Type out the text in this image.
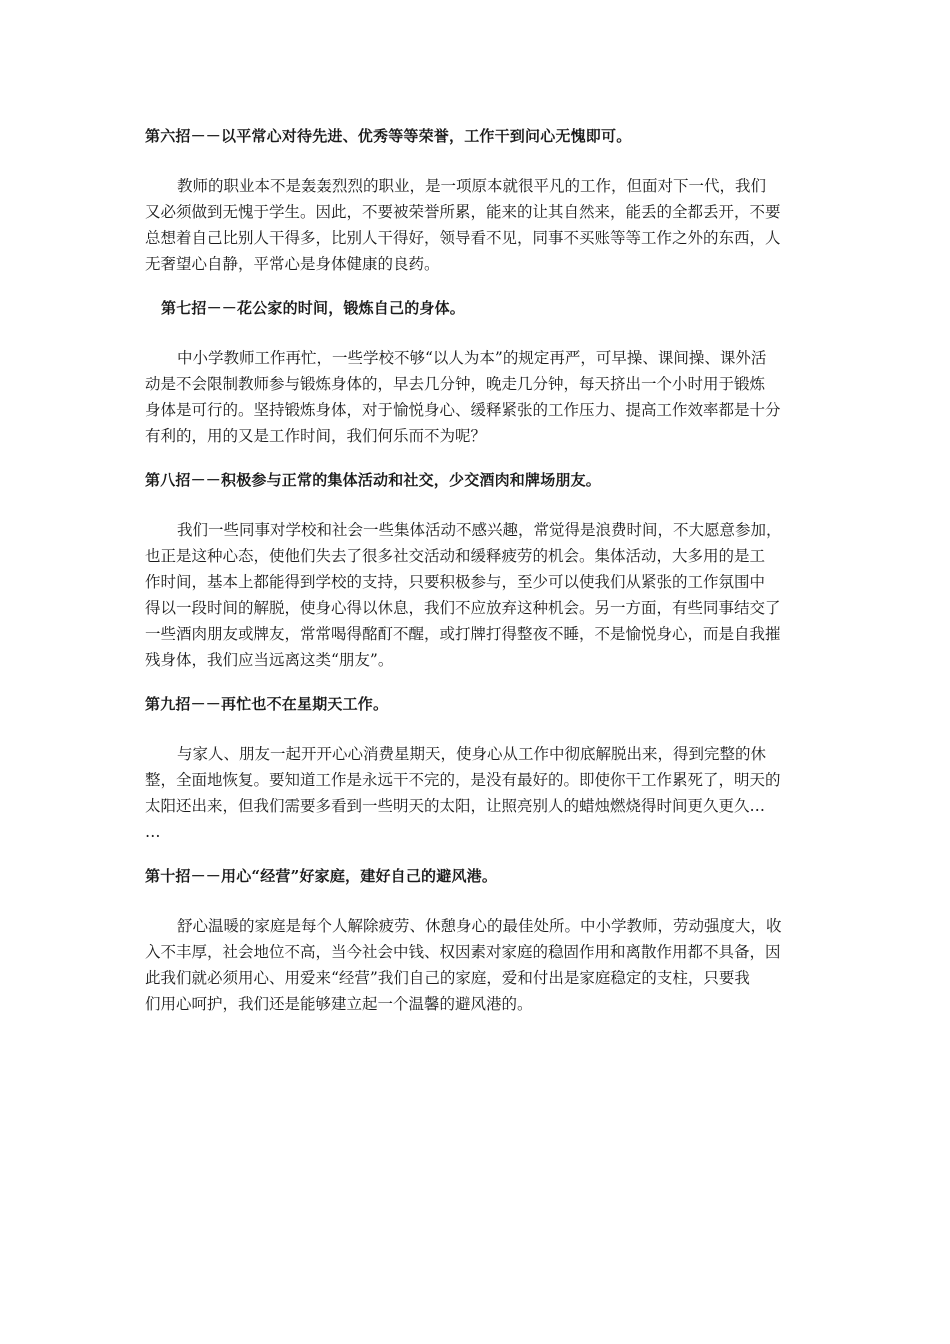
第六招－－以平常心对待先进、优秀等等荣誉，工作干到问心无愧即可。
教师的职业本不是轰轰烈烈的职业，是一项原本就很平凡的工作，但面对下一代，我们
又必须做到无愧于学生。因此，不要被荣誉所累，能来的让其自然来，能丢的全都丢开，不要
总想着自己比别人干得多，比别人干得好，领导看不见，同事不买账等等工作之外的东西，人
无奢望心自静，平常心是身体健康的良药。
第七招－－花公家的时间，锻炼自己的身体。
中小学教师工作再忙，一些学校不够“以人为本”的规定再严，可早操、课间操、课外活
动是不会限制教师参与锻炼身体的，早去几分钟，晚走几分钟，每天挤出一个小时用于锻炼
身体是可行的。坚持锻炼身体，对于愉悦身心、缓释紧张的工作压力、提高工作效率都是十分
有利的，用的又是工作时间，我们何乐而不为呢？
第八招－－积极参与正常的集体活动和社交，少交酒肉和牌场朋友。
我们一些同事对学校和社会一些集体活动不感兴趣，常觉得是浪费时间，不大愿意参加，
也正是这种心态，使他们失去了很多社交活动和缓释疲劳的机会。集体活动，大多用的是工
作时间，基本上都能得到学校的支持，只要积极参与，至少可以使我们从紧张的工作氛围中
得以一段时间的解脱，使身心得以休息，我们不应放弃这种机会。另一方面，有些同事结交了
一些酒肉朋友或牌友，常常喝得酩酊不醒，或打牌打得整夜不睡，不是愉悦身心，而是自我摧
残身体，我们应当远离这类“朋友”。
第九招－－再忙也不在星期天工作。
与家人、朋友一起开开心心消费星期天，使身心从工作中彻底解脱出来，得到完整的休
整，全面地恢复。要知道工作是永远干不完的，是没有最好的。即使你干工作累死了，明天的
太阳还出来，但我们需要多看到一些明天的太阳，让照亮别人的蜡烛燃烧得时间更久更久…
…
第十招－－用心“经营”好家庭，建好自己的避风港。
舒心温暖的家庭是每个人解除疲劳、休憩身心的最佳处所。中小学教师，劳动强度大，收
入不丰厚，社会地位不高，当今社会中钱、权因素对家庭的稳固作用和离散作用都不具备，因
此我们就必须用心、用爱来“经营”我们自己的家庭，爱和付出是家庭稳定的支柱，只要我
们用心呵护，我们还是能够建立起一个温馨的避风港的。
